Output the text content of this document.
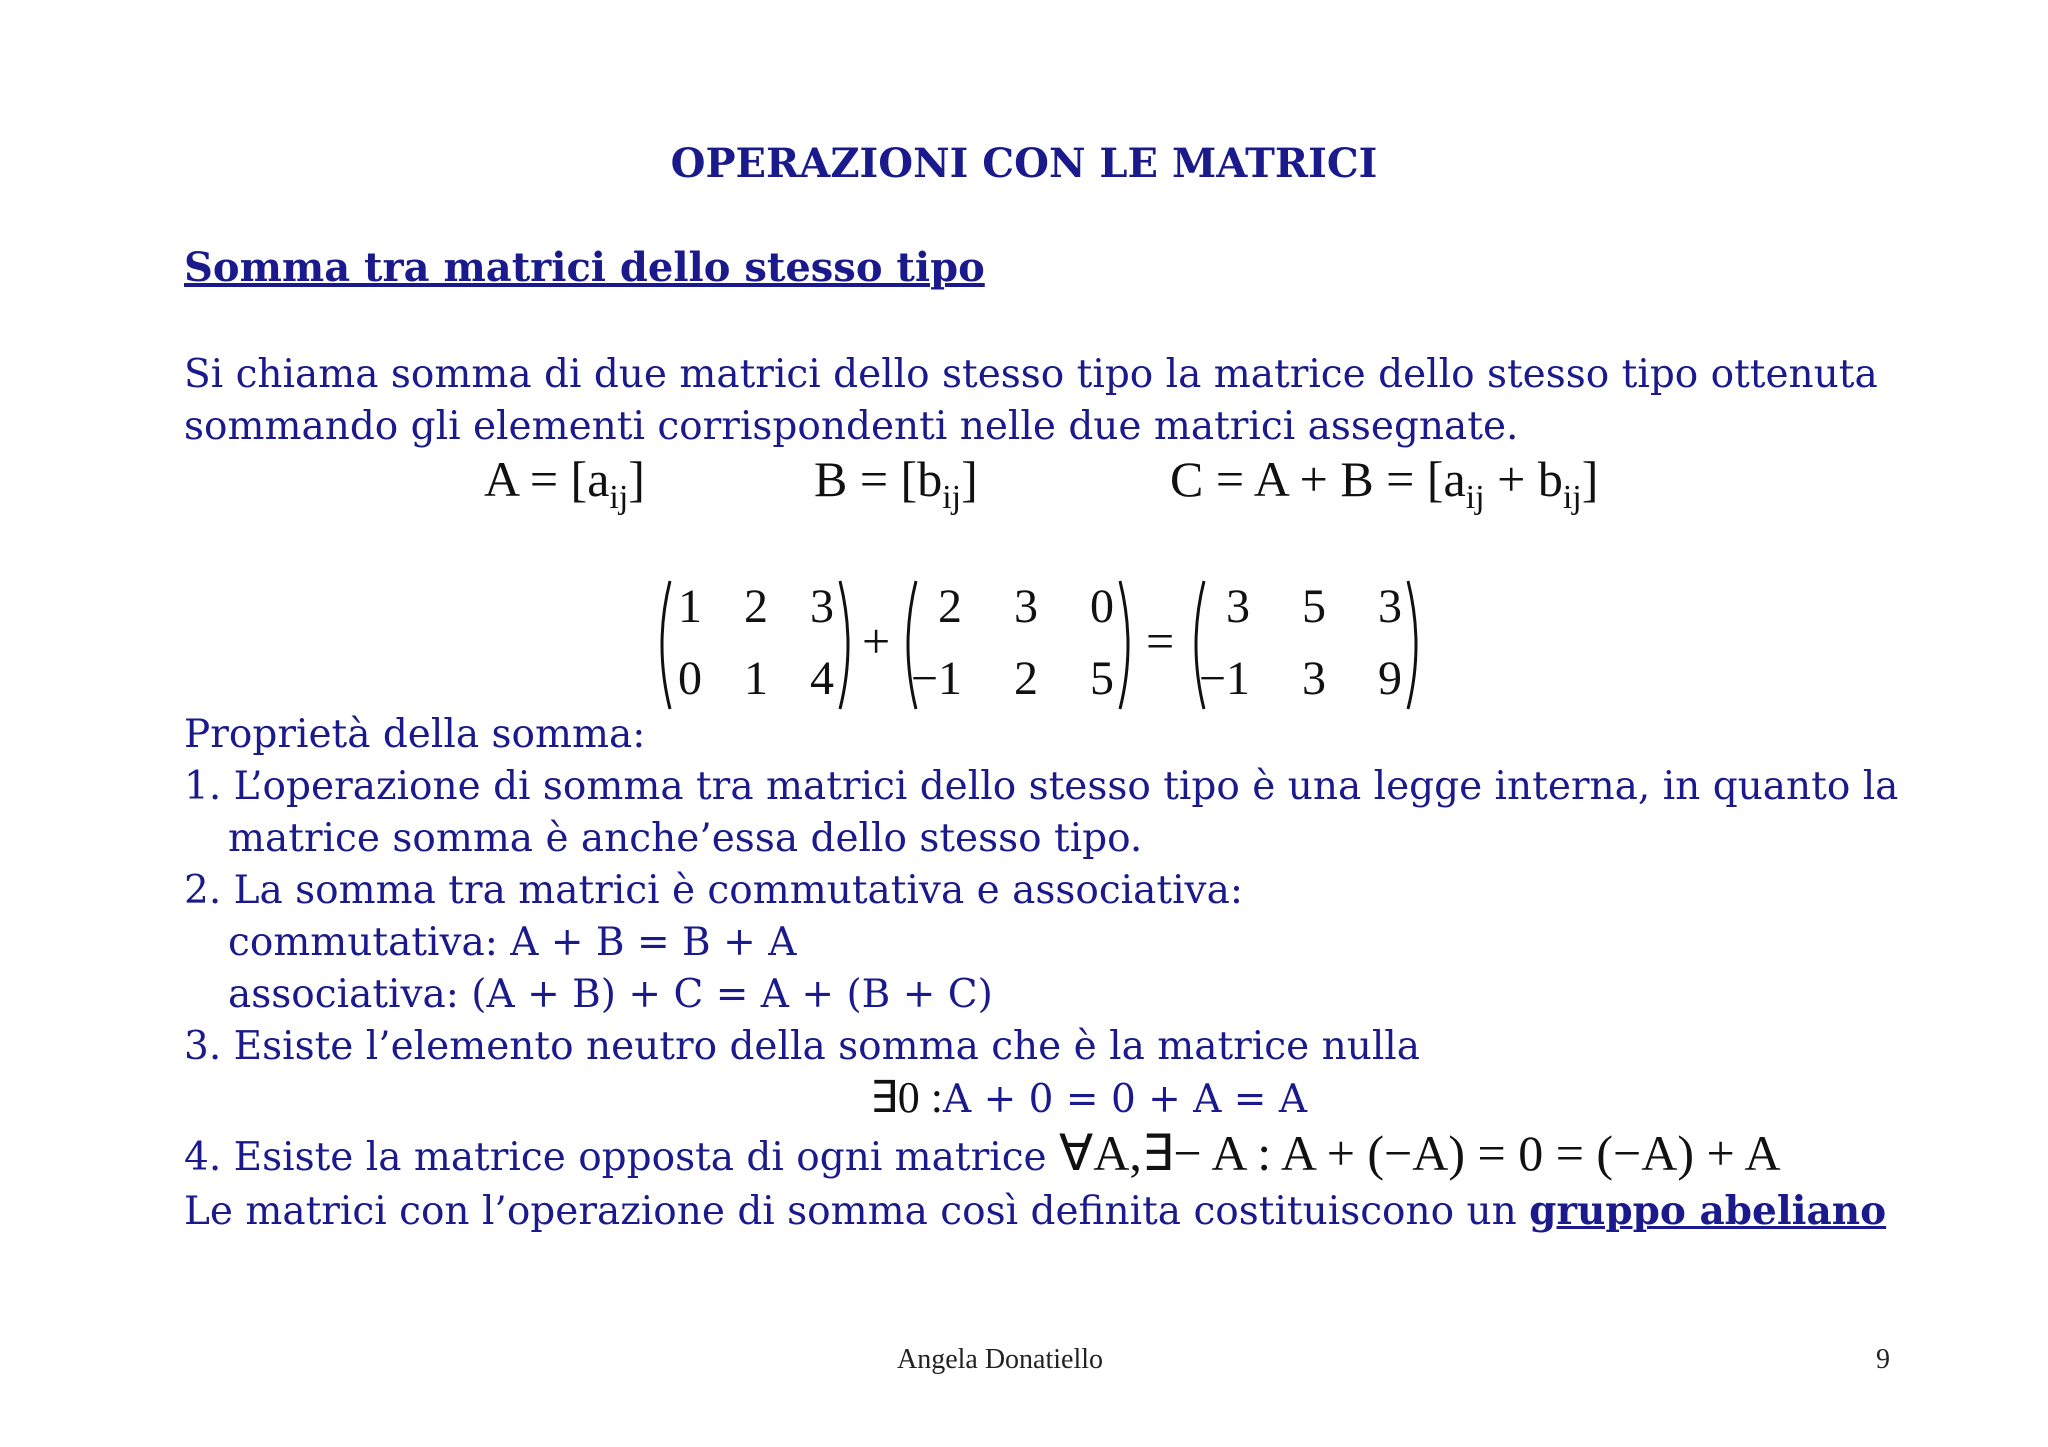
OPERAZIONI CON LE MATRICI
Somma tra matrici dello stesso tipo
Si chiama somma di due matrici dello stesso tipo la matrice dello stesso tipo ottenuta
sommando gli elementi corrispondenti nelle due matrici assegnate.
$A = [a_{ij}]$	$B = [b_{ij}]$	$C = A + B = [a_{ij} + b_{ij}]$
1 2 3
0 1 4
+
2	3	0
−1	2	5
=
3	5	3
−1	3	9
Proprietà della somma:
1. L’operazione di somma tra matrici dello stesso tipo è una legge interna, in quanto la
matrice somma è anche’essa dello stesso tipo.
2. La somma tra matrici è commutativa e associativa:
commutativa: A + B = B + A
associativa: (A + B) + C = A + (B + C)
3. Esiste l’elemento neutro della somma che è la matrice nulla
∃0 :A + 0 = 0 + A = A
4. Esiste la matrice opposta di ogni matrice ∀A,∃− A : A + (−A) = 0 = (−A) + A
Le matrici con l’operazione di somma così definita costituiscono un gruppo abeliano
Angela Donatiello	9
